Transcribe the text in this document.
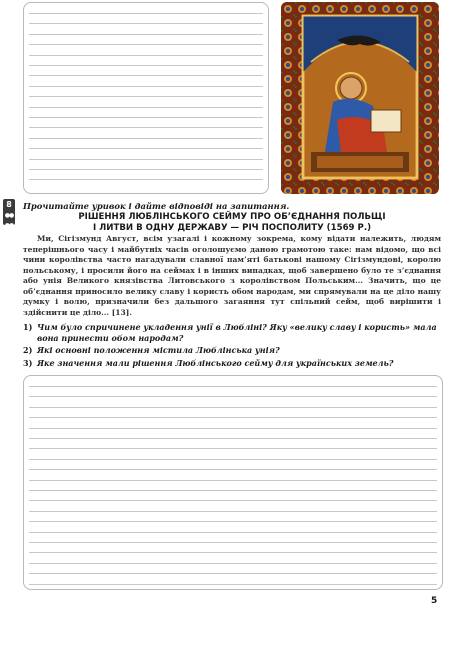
8
●●
●●
Прочитайте уривок і дайте відповіді на запитання.
РІШЕННЯ ЛЮБЛІНСЬКОГО СЕЙМУ ПРО ОБ’ЄДНАННЯ ПОЛЬЩІ
І ЛИТВИ В ОДНУ ДЕРЖАВУ — РІЧ ПОСПОЛИТУ (1569 Р.)

Ми, Сігізмунд Август, всім узагалі і кожному зокрема, кому відати належить, людям теперішнього часу і майбутніх часів оголошуємо даною грамотою таке: нам відомо, що всі чини королівства часто нагадували славної пам’яті батькові нашому Сігізмундові, королю польському, і просили його на сеймах і в інших випадках, щоб завершено було те з’єднання або унія Великого князівства Литовського з королівством Польським... Значить, що це об’єднання приносило велику славу і користь обом народам, ми спрямували на це діло нашу думку і волю, призначили без дальшого загаяння тут спільний сейм, щоб вирішити і здійснити це діло... [13].

1) Чим було спричинене укладення унії в Любліні? Яку «велику славу і користь» мала вона принести обом народам?
2) Які основні положення містила Люблінська унія?
3) Яке значення мали рішення Люблінського сейму для українських земель?
5
